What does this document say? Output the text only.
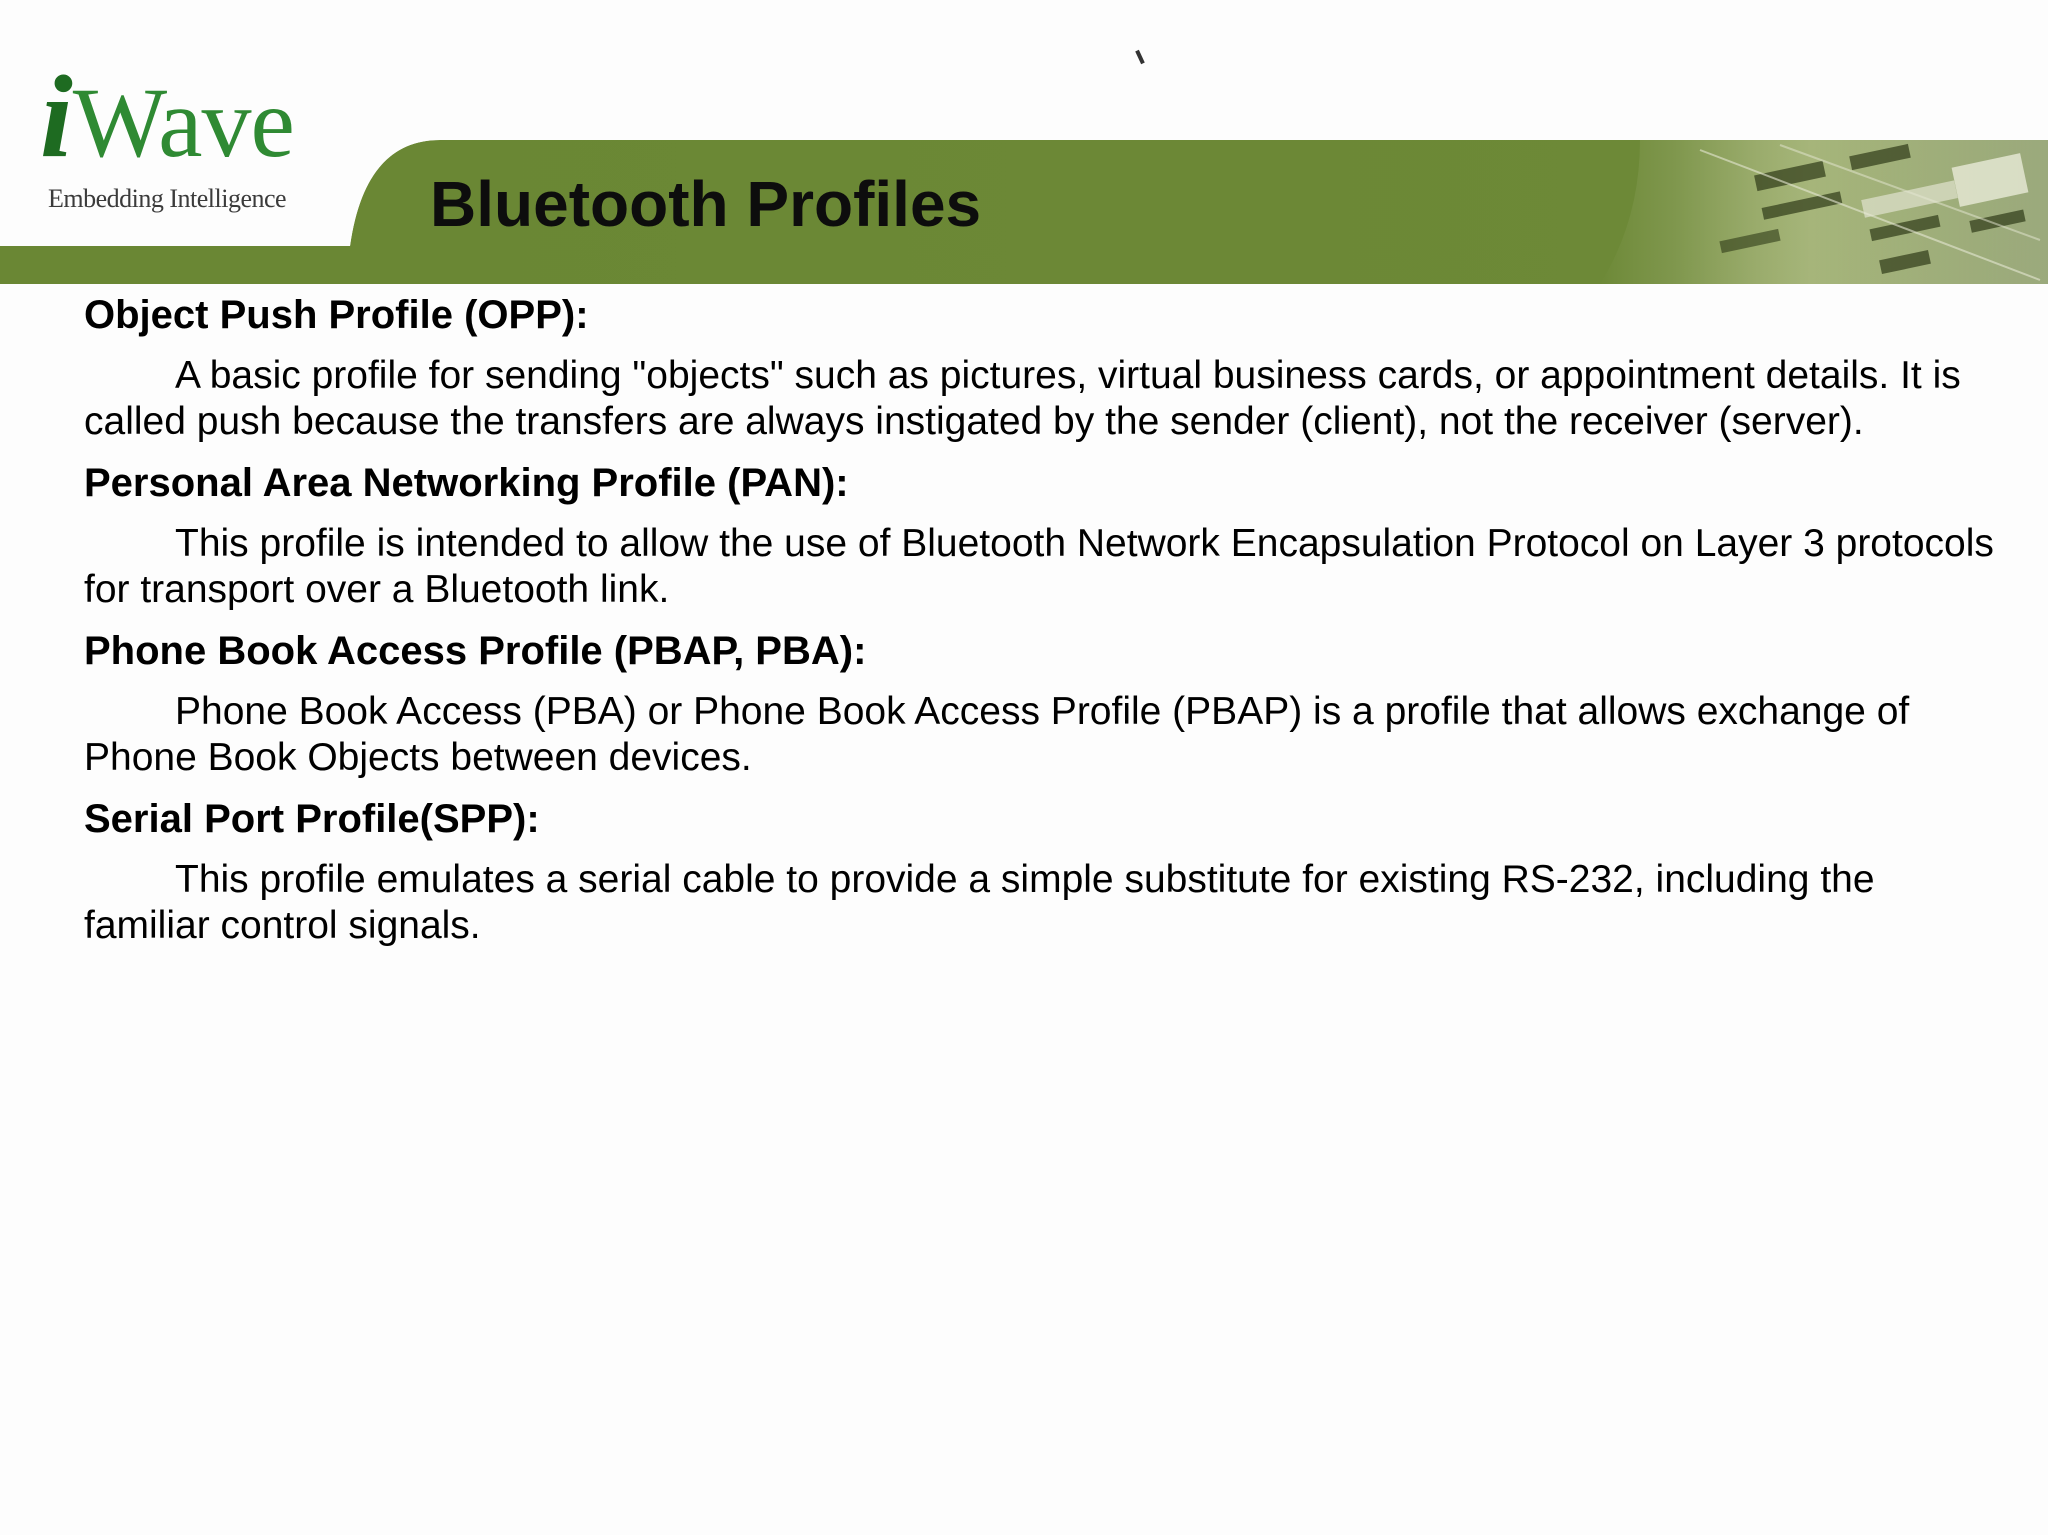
iWave
Embedding Intelligence Bluetooth Profiles
Object Push Profile (OPP):

A basic profile for sending "objects" such as pictures, virtual business cards, or appointment details. It is called push because the transfers are always instigated by the sender (client), not the receiver (server).

Personal Area Networking Profile (PAN):

This profile is intended to allow the use of Bluetooth Network Encapsulation Protocol on Layer 3 protocols for transport over a Bluetooth link.

Phone Book Access Profile (PBAP, PBA):

Phone Book Access (PBA) or Phone Book Access Profile (PBAP) is a profile that allows exchange of Phone Book Objects between devices.

Serial Port Profile(SPP):

This profile emulates a serial cable to provide a simple substitute for existing RS-232, including the familiar control signals.
